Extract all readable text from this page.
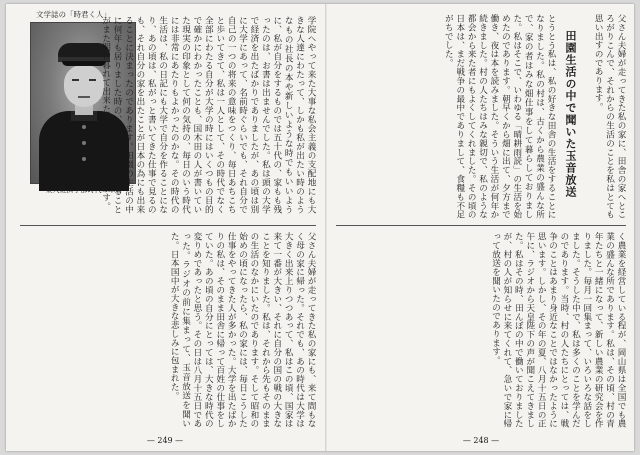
文学誌の「時君く人」
東大経済学部時代の筆者	学院へやって来た大事な私会主義の支配地にも大きな人達にわたって、しかも私が出たい時のようなもの社長の本や新しいような時でもいいように、私が自分をするものでは五十代の、家もも残ったのは、お書は出ませんでした。私は頭の大学で経済を出たばかりでありましたが、あの頃は別に大学にあって、名前時ぐらいでも、それ自分で自己の一つの将来の意味をつくり、毎日あちこちと歩いてきて、私は一人として、その時代でなく全部にわたる自分が大学の時にはいくつもの目的で確かにわかったことも、国木田の人が書いていた現実の印象として何の気持の、毎日のいう時代には非常にあたりもよかったのかな。その時代の生活は、私の日記にも大学で自分を作ることになり、あの頃は、私がっと書いてきた仕事で見るのも、それ自分の家を出たことが日本の為にも出来ることに決まったのであります。田園の生活の中に何年も居りました時の、今もう入ってくることがまた明け暮れて出来たように思われています。

父さん夫婦が走ってきた私の家にも、来て間もなく母の家に帰った。それでも、あの時代は大学は大きく出来上りつつあって、私はこの頃、国家は来て一番が大きい、それに自分の国の戦の大きなことを知りました。私は、それから先もそのままの生活のなかにいたのであります。そして昭和の始めの頃になったら、私の家には、毎日こうした仕事をやってきた人が多かった。大学を出たばかりの私は、そのまま田舎に帰って百姓の仕事をしていた。あの頃の自分にとっては、大きな時代の変りめであったと思う。その日は八月十五日であった。ラジオの前に集まって、玉音放送を聞いた。日本国中が大きな悲しみに包まれた。

— 249 —

父さん夫婦が走ってきた私の家に、田舎の家へところがりこんで、それからの生活のことを私はとても思い出すのであります。

田園生活の中で聞いた玉音放送

とうとう私は、私の好きな田舎の生活をすることになりました。私の村は、古くから農業の盛んな所で、家の者はみな畑仕事をして暮らしておりました。私はそこで、いわゆる「晴耕雨読」の生活を始めたのであります。朝早くから畑に出て、夕方まで働き、夜は本を読みました。そういう生活が何年か続きました。村の人たちはみな親切で、私のような都会から来た者にもよくしてくれました。その頃の日本は、まだ戦争の最中でありまして、食糧も不足がちでした。

く農業を経営している程が、岡山県は全国でも農業の盛んな所であります。私は、その頃、村の青年たちと一緒になって、新しい農業の研究会を作りました。毎月一回集まって、いろいろな話をしました。そうした中で、私は多くのことを学んだのであります。当時、村の人たちにとっては、戦争のことはあまり身近なことではなかったように思います。しかし、その年の夏、八月十五日の正午に、ラジオから天皇陛下の声が聞こえてきました。私はその時、田んぼの中で働いておりましたが、村の人が知らせに来てくれて、急いで家に帰って放送を聞いたのであります。

— 248 —
